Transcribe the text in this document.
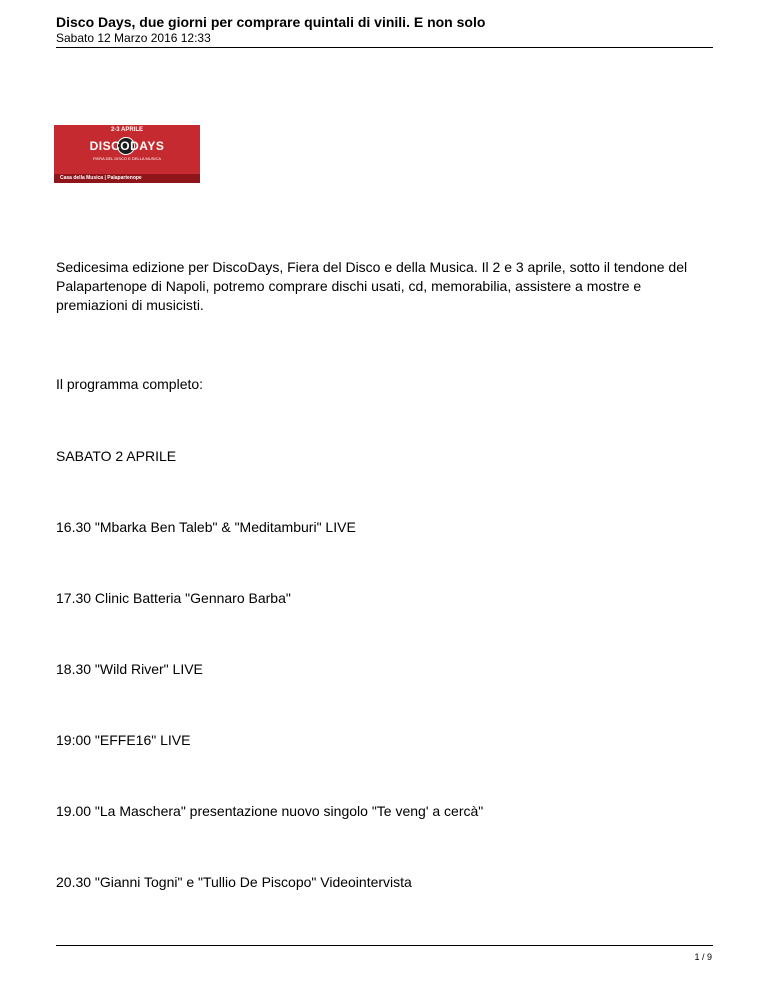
Disco Days, due giorni per comprare quintali di vinili. E non solo
Sabato 12 Marzo 2016 12:33
2-3 APRILE
DISCODAYS
FIERA DEL DISCO E DELLA MUSICA
Casa della Musica | Palapartenope

Sedicesima edizione per DiscoDays, Fiera del Disco e della Musica. Il 2 e 3 aprile, sotto il tendone del Palapartenope di Napoli, potremo comprare dischi usati, cd, memorabilia, assistere a mostre e premiazioni di musicisti.

Il programma completo:

SABATO 2 APRILE

16.30 "Mbarka Ben Taleb" & "Meditamburi" LIVE

17.30 Clinic Batteria "Gennaro Barba"

18.30 "Wild River" LIVE

19:00 "EFFE16" LIVE

19.00 "La Maschera" presentazione nuovo singolo "Te veng' a cercà"

20.30 "Gianni Togni" e "Tullio De Piscopo" Videointervista

1 / 9
